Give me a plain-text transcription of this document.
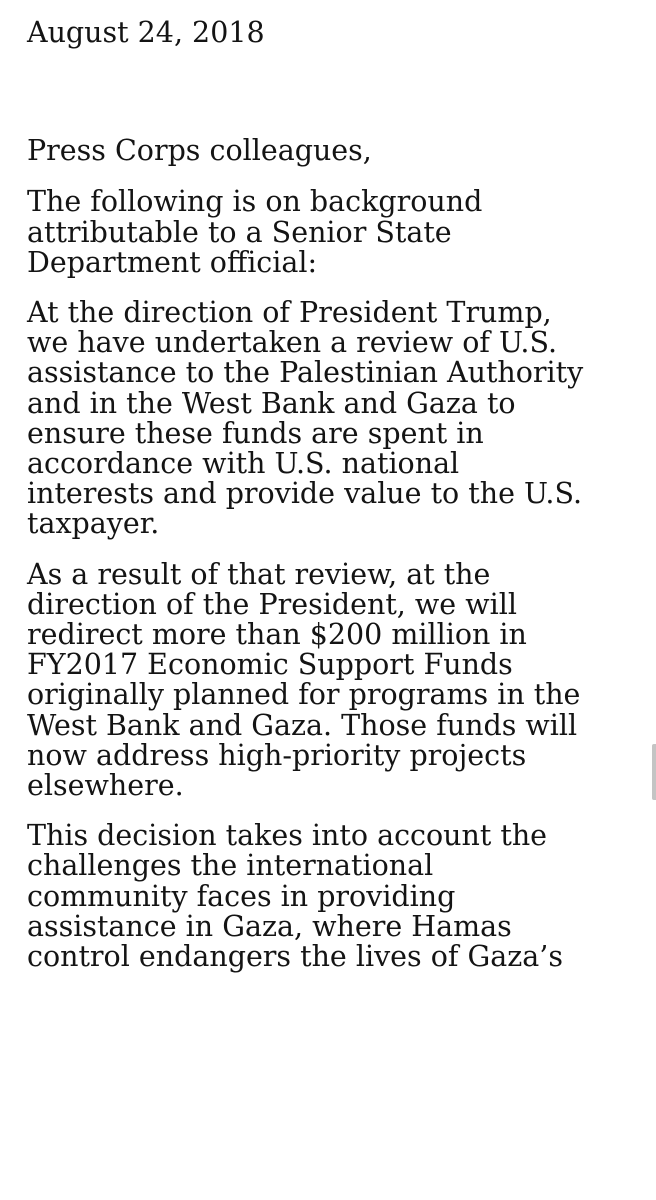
August 24, 2018

Press Corps colleagues,

The following is on background
attributable to a Senior State
Department official:

At the direction of President Trump,
we have undertaken a review of U.S.
assistance to the Palestinian Authority
and in the West Bank and Gaza to
ensure these funds are spent in
accordance with U.S. national
interests and provide value to the U.S.
taxpayer.

As a result of that review, at the
direction of the President, we will
redirect more than $200 million in
FY2017 Economic Support Funds
originally planned for programs in the
West Bank and Gaza. Those funds will
now address high-priority projects
elsewhere.

This decision takes into account the
challenges the international
community faces in providing
assistance in Gaza, where Hamas
control endangers the lives of Gaza’s
